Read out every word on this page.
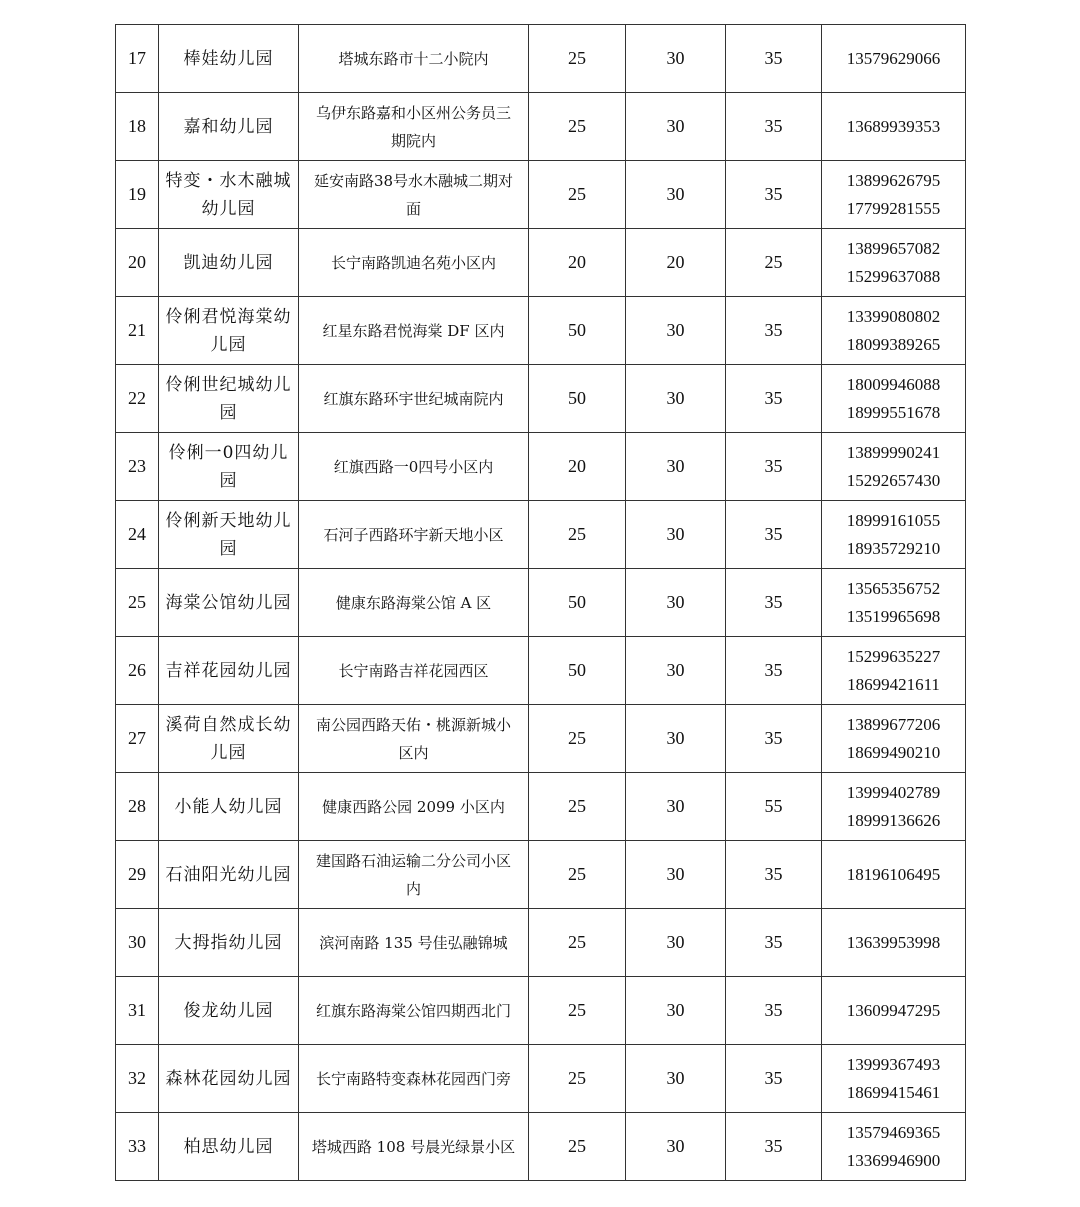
17	棒娃幼儿园	塔城东路市十二小院内	25	30	35	13579629066

18	嘉和幼儿园	乌伊东路嘉和小区州公务员三
期院内	25	30	35	13689939353

19	特变・水木融城
幼儿园	延安南路38号水木融城二期对
面	25	30	35	13899626795
17799281555

20	凯迪幼儿园	长宁南路凯迪名苑小区内	20	20	25	13899657082
15299637088

21	伶俐君悦海棠幼
儿园	红星东路君悦海棠 DF 区内	50	30	35	13399080802
18099389265

22	伶俐世纪城幼儿
园	红旗东路环宇世纪城南院内	50	30	35	18009946088
18999551678

23	伶俐一0四幼儿
园	红旗西路一0四号小区内	20	30	35	13899990241
15292657430

24	伶俐新天地幼儿
园	石河子西路环宇新天地小区	25	30	35	18999161055
18935729210

25	海棠公馆幼儿园	健康东路海棠公馆 A 区	50	30	35	13565356752
13519965698

26	吉祥花园幼儿园	长宁南路吉祥花园西区	50	30	35	15299635227
18699421611

27	溪荷自然成长幼
儿园	南公园西路天佑・桃源新城小
区内	25	30	35	13899677206
18699490210

28	小能人幼儿园	健康西路公园 2099 小区内	25	30	55	13999402789
18999136626

29	石油阳光幼儿园	建国路石油运输二分公司小区
内	25	30	35	18196106495

30	大拇指幼儿园	滨河南路 135 号佳弘融锦城	25	30	35	13639953998

31	俊龙幼儿园	红旗东路海棠公馆四期西北门	25	30	35	13609947295

32	森林花园幼儿园	长宁南路特变森林花园西门旁	25	30	35	13999367493
18699415461

33	柏思幼儿园	塔城西路 108 号晨光绿景小区	25	30	35	13579469365
13369946900
